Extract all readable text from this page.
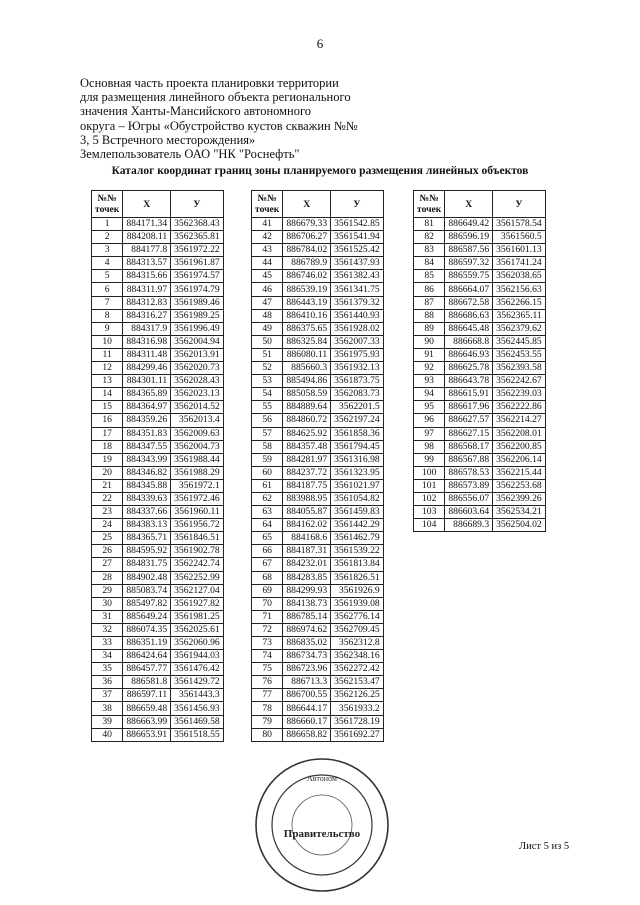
6
Основная часть проекта планировки территории
для размещения линейного объекта регионального
значения Ханты-Мансийского автономного
округа – Югры «Обустройство кустов скважин №№
3, 5 Встречного месторождения»
Землепользователь ОАО "НК "Роснефть"
Каталог координат границ зоны планируемого размещения линейных объектов
№№
точек	X	У
1	884171.34	3562368.43
2	884208.11	3562365.81
3	884177.8	3561972.22
4	884313.57	3561961.87
5	884315.66	3561974.57
6	884311.97	3561974.79
7	884312.83	3561989.46
8	884316.27	3561989.25
9	884317.9	3561996.49
10	884316.98	3562004.94
11	884311.48	3562013.91
12	884299.46	3562020.73
13	884301.11	3562028.43
14	884365.89	3562023.13
15	884364.97	3562014.52
16	884359.26	3562013.4
17	884351.83	3562009.63
18	884347.55	3562004.73
19	884343.99	3561988.44
20	884346.82	3561988.29
21	884345.88	3561972.1
22	884339.63	3561972.46
23	884337.66	3561960.11
24	884383.13	3561956.72
25	884365.71	3561846.51
26	884595.92	3561902.78
27	884831.75	3562242.74
28	884902.48	3562252.99
29	885083.74	3562127.04
30	885497.82	3561927.82
31	885649.24	3561981.25
32	886074.35	3562025.61
33	886351.19	3562060.96
34	886424.64	3561944.03
35	886457.77	3561476.42
36	886581.8	3561429.72
37	886597.11	3561443.3
38	886659.48	3561456.93
39	886663.99	3561469.58
40	886653.91	3561518.55
№№
точек	X	У
41	886679.33	3561542.85
42	886706.27	3561541.94
43	886784.02	3561525.42
44	886789.9	3561437.93
45	886746.02	3561382.43
46	886539.19	3561341.75
47	886443.19	3561379.32
48	886410.16	3561440.93
49	886375.65	3561928.02
50	886325.84	3562007.33
51	886080.11	3561975.93
52	885660.3	3561932.13
53	885494.86	3561873.75
54	885058.59	3562083.73
55	884889.64	3562201.5
56	884860.72	3562197.24
57	884625.92	3561858.36
58	884357.48	3561794.45
59	884281.97	3561316.98
60	884237.72	3561323.95
61	884187.75	3561021.97
62	883988.95	3561054.82
63	884055.87	3561459.83
64	884162.02	3561442.29
65	884168.6	3561462.79
66	884187.31	3561539.22
67	884232.01	3561813.84
68	884283.85	3561826.51
69	884299.93	3561926.9
70	884138.73	3561939.08
71	886785.14	3562776.14
72	886974.62	3562709.45
73	886835.02	3562312.8
74	886734.73	3562348.16
75	886723.96	3562272.42
76	886713.3	3562153.47
77	886700.55	3562126.25
78	886644.17	3561933.2
79	886660.17	3561728.19
80	886658.82	3561692.27
№№
точек	X	У
81	886649.42	3561578.54
82	886596.19	3561560.5
83	886587.56	3561601.13
84	886597.32	3561741.24
85	886559.75	3562038.65
86	886664.07	3562156.63
87	886672.58	3562266.15
88	886686.63	3562365.11
89	886645.48	3562379.62
90	886668.8	3562445.85
91	886646.93	3562453.55
92	886625.78	3562393.58
93	886643.78	3562242.67
94	886615.91	3562239.03
95	886617.96	3562222.86
96	886627.57	3562214.27
97	886627.15	3562208.01
98	886568.17	3562200.85
99	886567.88	3562206.14
100	886578.53	3562215.44
101	886573.89	3562253.68
102	886556.07	3562399.26
103	886603.64	3562534.21
104	886689.3	3562504.02
Автоном
Правительство
Лист 5 из 5
